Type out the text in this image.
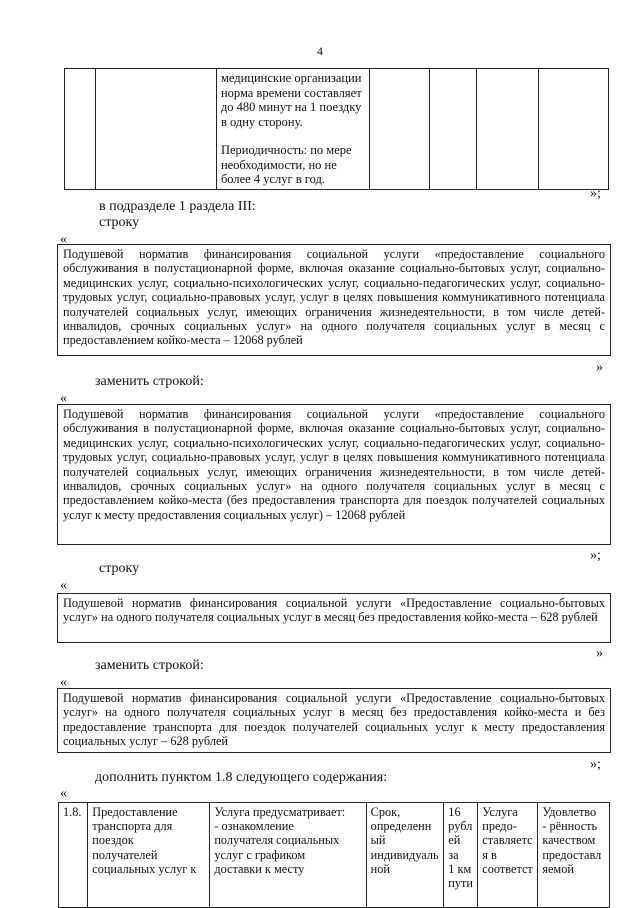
4

медицинские организации
норма времени составляет
до 480 минут на 1 поездку
в одну сторону.

Периодичность: по мере
необходимости, но не
более 4 услуг в год.

»;
в подразделе 1 раздела III:
строку
«
Подушевой норматив финансирования социальной услуги «предоставление социального обслуживания в полустационарной форме, включая оказание социально-бытовых услуг, социально-медицинских услуг, социально-психологических услуг, социально-педагогических услуг, социально-трудовых услуг, социально-правовых услуг, услуг в целях повышения коммуникативного потенциала получателей социальных услуг, имеющих ограничения жизнедеятельности, в том числе детей-инвалидов, срочных социальных услуг» на одного получателя социальных услуг в месяц с предоставлением койко-места – 12068 рублей
»
заменить строкой:
«
Подушевой норматив финансирования социальной услуги «предоставление социального обслуживания в полустационарной форме, включая оказание социально-бытовых услуг, социально-медицинских услуг, социально-психологических услуг, социально-педагогических услуг, социально-трудовых услуг, социально-правовых услуг, услуг в целях повышения коммуникативного потенциала получателей социальных услуг, имеющих ограничения жизнедеятельности, в том числе детей-инвалидов, срочных социальных услуг» на одного получателя социальных услуг в месяц с предоставлением койко-места (без предоставления транспорта для поездок получателей социальных услуг к месту предоставления социальных услуг) – 12068 рублей
»;
строку
«
Подушевой норматив финансирования социальной услуги «Предоставление социально-бытовых услуг» на одного получателя социальных услуг в месяц без предоставления койко-места – 628 рублей
»
заменить строкой:
«
Подушевой норматив финансирования социальной услуги «Предоставление социально-бытовых услуг» на одного получателя социальных услуг в месяц без предоставления койко-места и без предоставление транспорта для поездок получателей социальных услуг к месту предоставления социальных услуг – 628 рублей
»;
дополнить пунктом 1.8 следующего содержания:
«
1.8.	Предоставление
транспорта для
поездок
получателей
социальных услуг к	Услуга предусматривает:
- ознакомление
получателя социальных
услуг с графиком
доставки к месту	Срок,
определенн
ый
индивидуаль
ной	16
рубл
ей за
1 км
пути	Услуга
предо-
ставляетс
я в
соответст	Удовлетво
- рённость
качеством
предоставл
яемой
